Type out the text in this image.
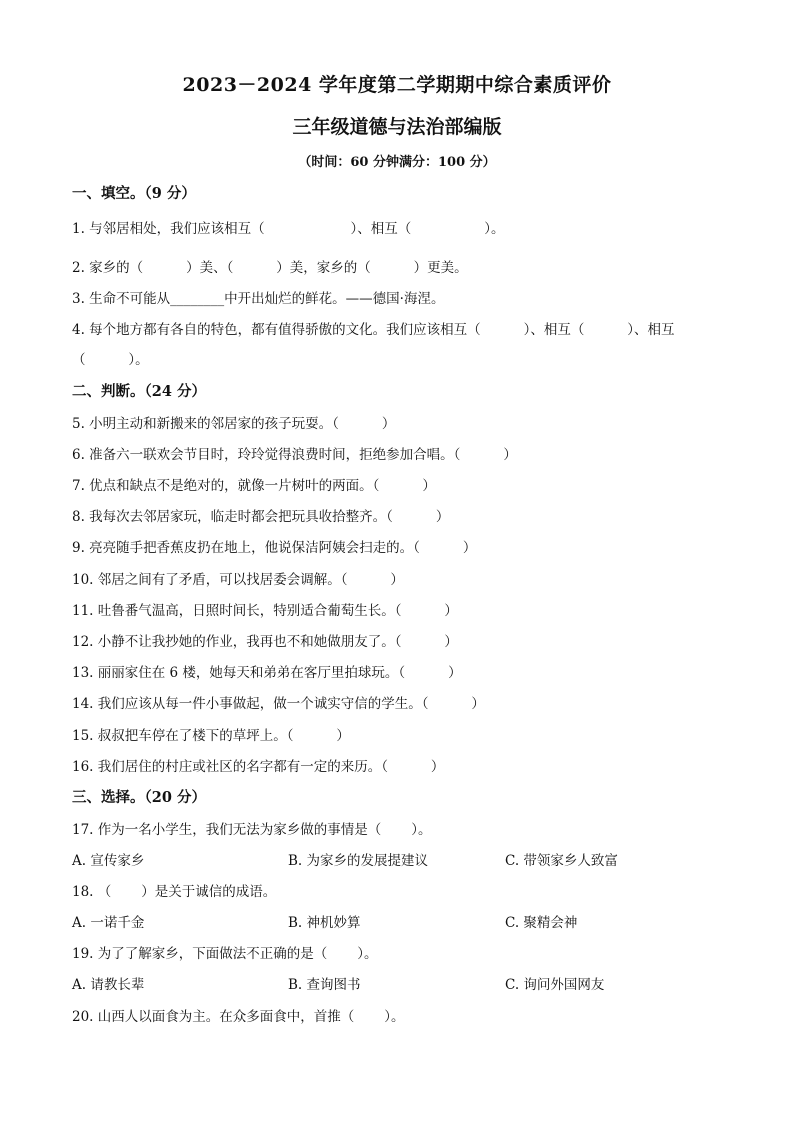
2023－2024 学年度第二学期期中综合素质评价
三年级道德与法治部编版
（时间：60 分钟满分：100 分）
一、填空。（9 分）
1. 与邻居相处，我们应该相互（                    ）、相互（                 ）。
2. 家乡的（          ）美、（          ）美，家乡的（          ）更美。
3. 生命不可能从________中开出灿烂的鲜花。——德国·海涅。
4. 每个地方都有各自的特色，都有值得骄傲的文化。我们应该相互（          ）、相互（          ）、相互
（          ）。
二、判断。（24 分）
5. 小明主动和新搬来的邻居家的孩子玩耍。（          ）
6. 准备六一联欢会节目时，玲玲觉得浪费时间，拒绝参加合唱。（          ）
7. 优点和缺点不是绝对的，就像一片树叶的两面。（          ）
8. 我每次去邻居家玩，临走时都会把玩具收拾整齐。（          ）
9. 亮亮随手把香蕉皮扔在地上，他说保洁阿姨会扫走的。（          ）
10. 邻居之间有了矛盾，可以找居委会调解。（          ）
11. 吐鲁番气温高，日照时间长，特别适合葡萄生长。（          ）
12. 小静不让我抄她的作业，我再也不和她做朋友了。（          ）
13. 丽丽家住在 6 楼，她每天和弟弟在客厅里拍球玩。（          ）
14. 我们应该从每一件小事做起，做一个诚实守信的学生。（          ）
15. 叔叔把车停在了楼下的草坪上。（          ）
16. 我们居住的村庄或社区的名字都有一定的来历。（          ）
三、选择。（20 分）
17. 作为一名小学生，我们无法为家乡做的事情是（       ）。
A. 宣传家乡	B. 为家乡的发展提建议	C. 带领家乡人致富
18. （       ）是关于诚信的成语。
A. 一诺千金	B. 神机妙算	C. 聚精会神
19. 为了了解家乡，下面做法不正确的是（       ）。
A. 请教长辈	B. 查询图书	C. 询问外国网友
20. 山西人以面食为主。在众多面食中，首推（       ）。
